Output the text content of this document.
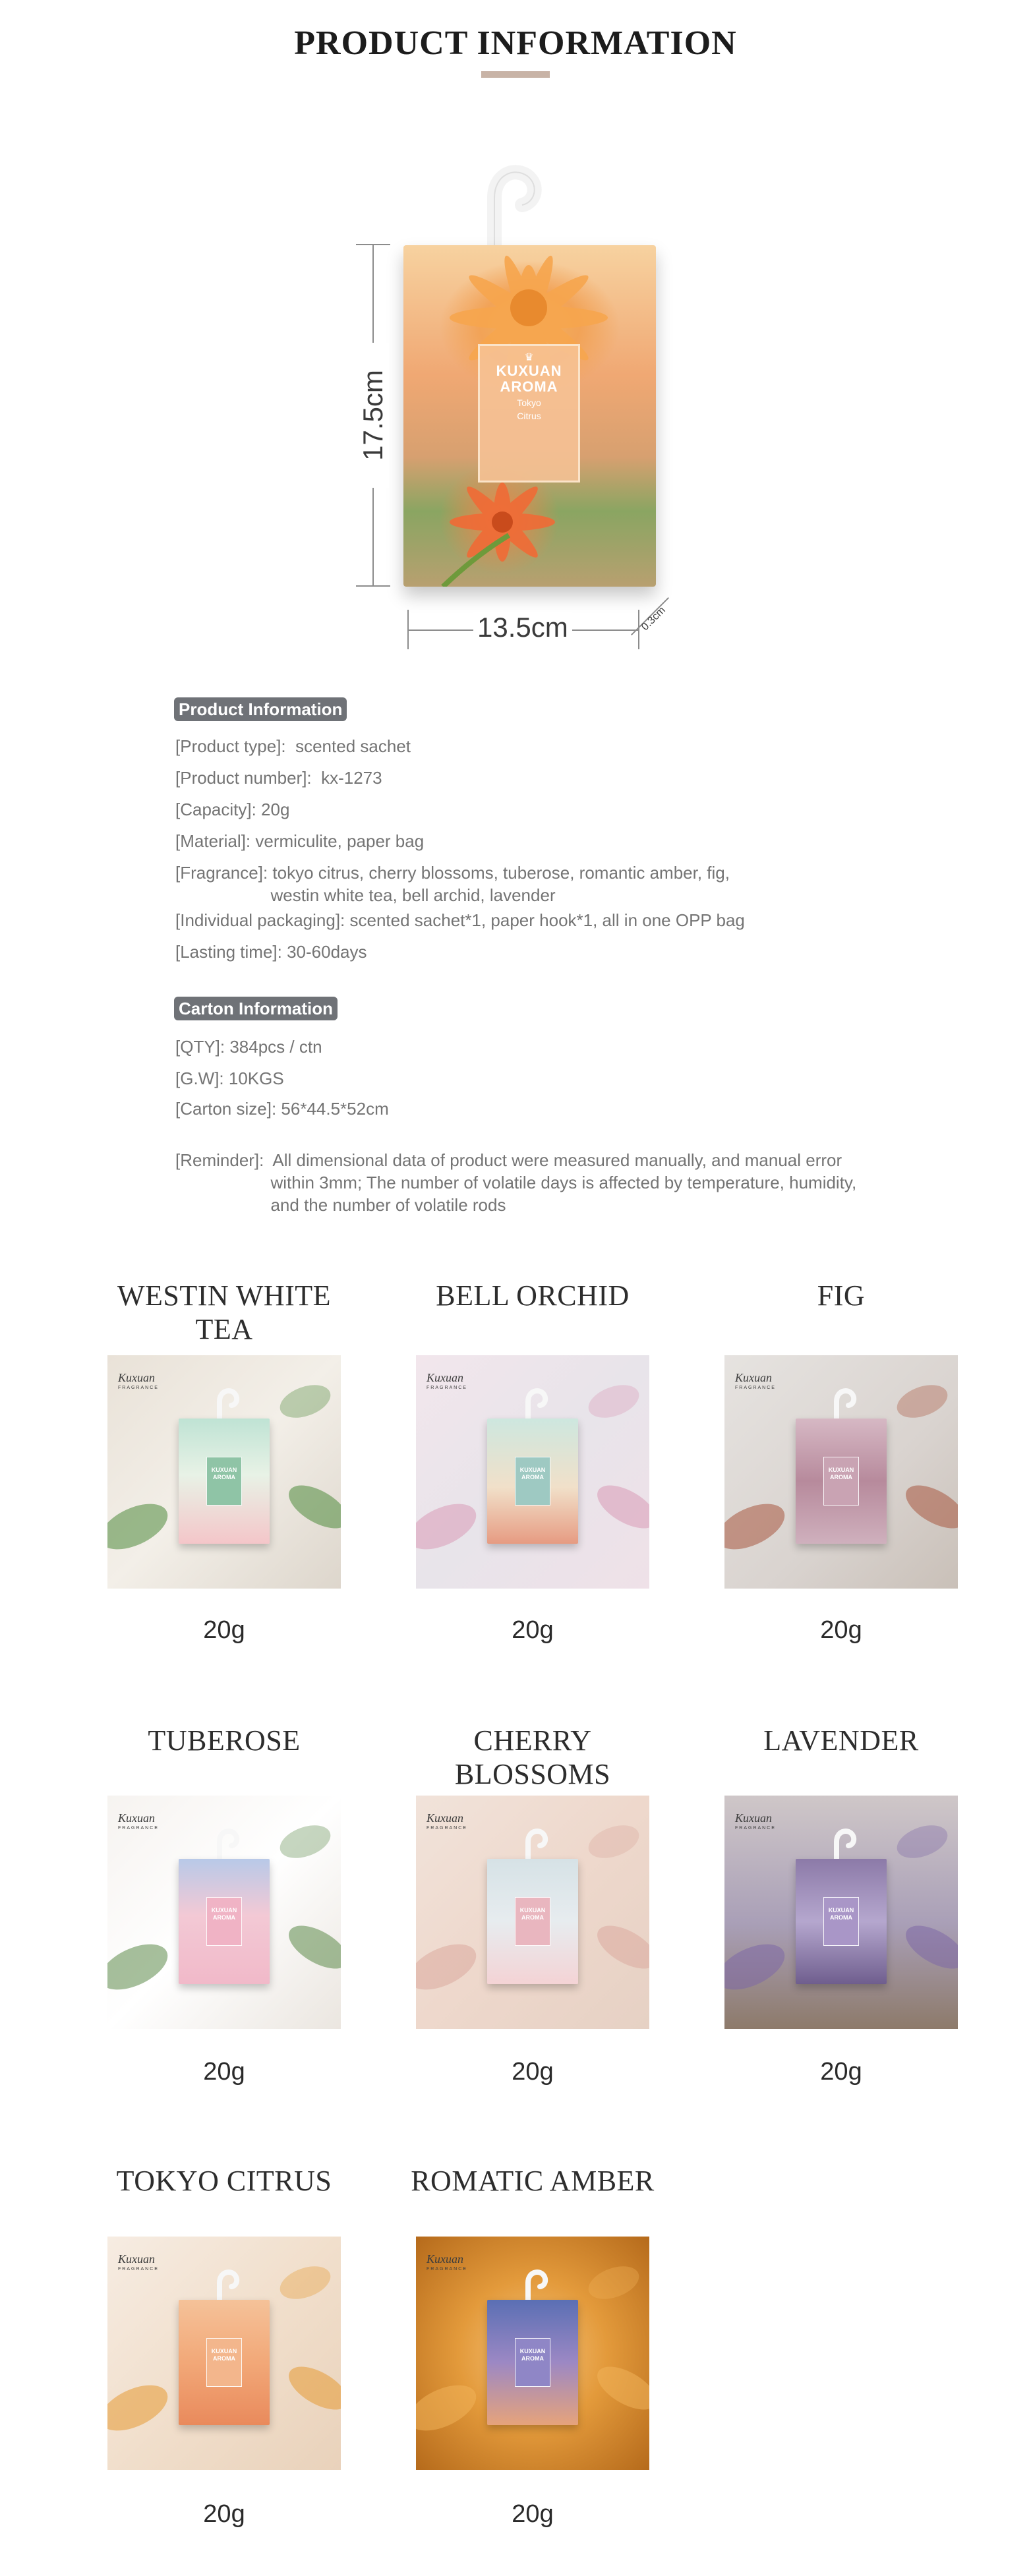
PRODUCT INFORMATION
♛
KUXUAN
AROMA
Tokyo
Citrus
17.5cm
13.5cm	0.3cm
Product Information
[Product type]:  scented sachet
[Product number]:  kx-1273
[Capacity]: 20g
[Material]: vermiculite, paper bag
[Fragrance]: tokyo citrus, cherry blossoms, tuberose, romantic amber, fig,
westin white tea, bell archid, lavender
[Individual packaging]: scented sachet*1, paper hook*1, all in one OPP bag
[Lasting time]: 30-60days
Carton Information
[QTY]: 384pcs / ctn
[G.W]: 10KGS
[Carton size]: 56*44.5*52cm
[Reminder]:  All dimensional data of product were measured manually, and manual error
within 3mm; The number of volatile days is affected by temperature, humidity,
and the number of volatile rods
WESTIN WHITE TEA
Kuxuan
FRAGRANCE
KUXUAN
AROMA
20g
BELL ORCHID
Kuxuan
FRAGRANCE
KUXUAN
AROMA
20g
FIG
Kuxuan
FRAGRANCE
KUXUAN
AROMA
20g
TUBEROSE
Kuxuan
FRAGRANCE
KUXUAN
AROMA
20g
CHERRY BLOSSOMS
Kuxuan
FRAGRANCE
KUXUAN
AROMA
20g
LAVENDER
Kuxuan
FRAGRANCE
KUXUAN
AROMA
20g
TOKYO CITRUS
Kuxuan
FRAGRANCE
KUXUAN
AROMA
20g
ROMATIC AMBER
Kuxuan
FRAGRANCE
KUXUAN
AROMA
20g
